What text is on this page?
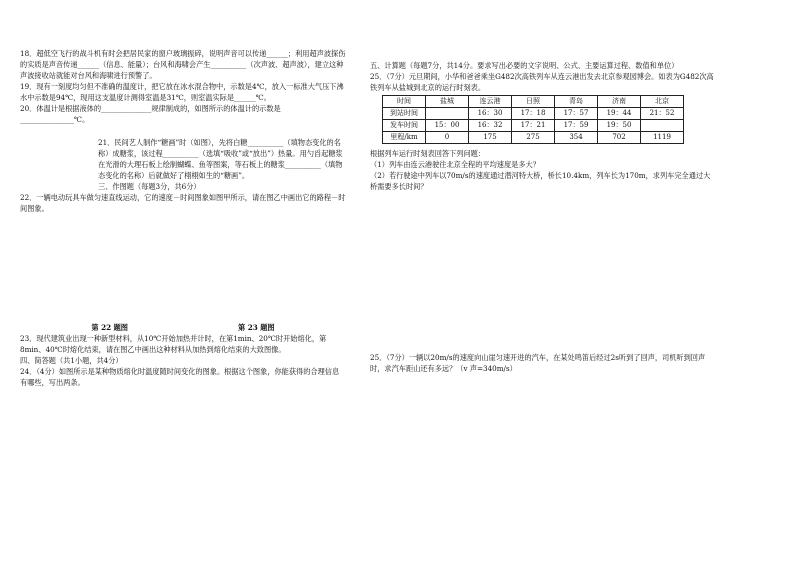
18．超低空飞行的战斗机有时会把居民家的窗户玻璃振碎，说明声音可以传递______；利用超声波探伤的实质是声音传递______（信息、能量）；台风和海啸会产生__________（次声波、超声波），建立这种声波接收站就能对台风和海啸进行预警了。

19．现有一刻度均匀但不准确的温度计，把它放在冰水混合物中，示数是4℃，放入一标准大气压下沸水中示数是94℃，现用这支温度计测得室温是31℃，则室温实际是______℃。

20．体温计是根据液体的______________规律制成的，如图所示的体温计的示数是_______________℃。

21．民间艺人制作“糖画”时（如图），先将白糖__________（填物态变化的名称）成糖浆，该过程__________（选填“吸收”或“放出”）热量。用勺舀起糖浆在光滑的大理石板上绘制蝴蝶、鱼等图案，等石板上的糖浆__________（填物态变化的名称）后就做好了栩栩如生的“糖画”。

三、作图题（每题3分，共6分）

22．一辆电动玩具车做匀速直线运动，它的速度－时间图象如图甲所示，请在图乙中画出它的路程－时间图象。

第 22 题图	第 23 题图

23．现代建筑业出现一种新型材料，从10℃开始加热并计时，在第1min、20℃时开始熔化，第8min、40℃时熔化结束，请在图乙中画出这种材料从加热到熔化结束的大致图像。

四、简答题（共1小题，共4分）

24．（4分）如图所示是某种物质熔化时温度随时间变化的图象。根据这个图象，你能获得的合理信息有哪些，写出两条。

五、计算题（每题7分，共14分。要求写出必要的文字说明、公式、主要运算过程、数值和单位）

25．（7分）元旦期间，小华和爸爸乘坐G482次高铁列车从连云港出发去北京参观园博会。如表为G482次高铁列车从盐城到北京的运行时刻表。

时间	盐城	连云港	日照	青岛	济南	北京
到站时间		16：30	17：18	17：57	19：44	21：52
发车时间	15：00	16：32	17：21	17：59	19：50	
里程/km	0	175	275	354	702	1119

根据列车运行时刻表回答下列问题：

（1）列车由连云港驶往北京全程的平均速度是多大？

（2）若行驶途中列车以70m/s的速度通过潜河特大桥，桥长10.4km，列车长为170m，求列车完全通过大桥需要多长时间？

25．（7分）一辆以20m/s的速度向山崖匀速开进的汽车，在某处鸣笛后经过2s听到了回声，司机听到回声时，求汽车距山还有多远？（v 声=340m/s）
